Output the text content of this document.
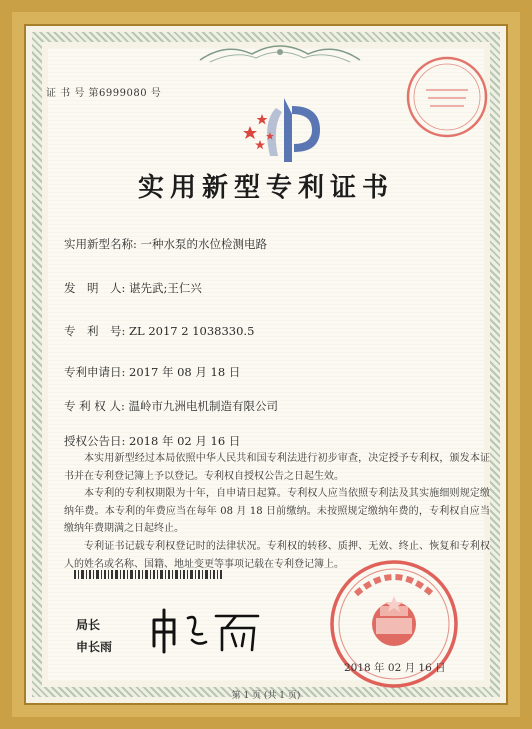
证 书 号 第6999080 号
实用新型专利证书
实用新型名称: 一种水泵的水位检测电路
发　明　人: 谌先武;王仁兴
专　利　号: ZL 2017 2 1038330.5
专利申请日: 2017 年 08 月 18 日
专 利 权 人: 温岭市九洲电机制造有限公司
授权公告日: 2018 年 02 月 16 日

本实用新型经过本局依照中华人民共和国专利法进行初步审查，决定授予专利权，颁发本证书并在专利登记簿上予以登记。专利权自授权公告之日起生效。

本专利的专利权期限为十年，自申请日起算。专利权人应当依照专利法及其实施细则规定缴纳年费。本专利的年费应当在每年 08 月 18 日前缴纳。未按照规定缴纳年费的，专利权自应当缴纳年费期满之日起终止。

专利证书记载专利权登记时的法律状况。专利权的转移、质押、无效、终止、恢复和专利权人的姓名或名称、国籍、地址变更等事项记载在专利登记簿上。

局长
申长雨
2018 年 02 月 16 日
第 1 页 (共 1 页)
